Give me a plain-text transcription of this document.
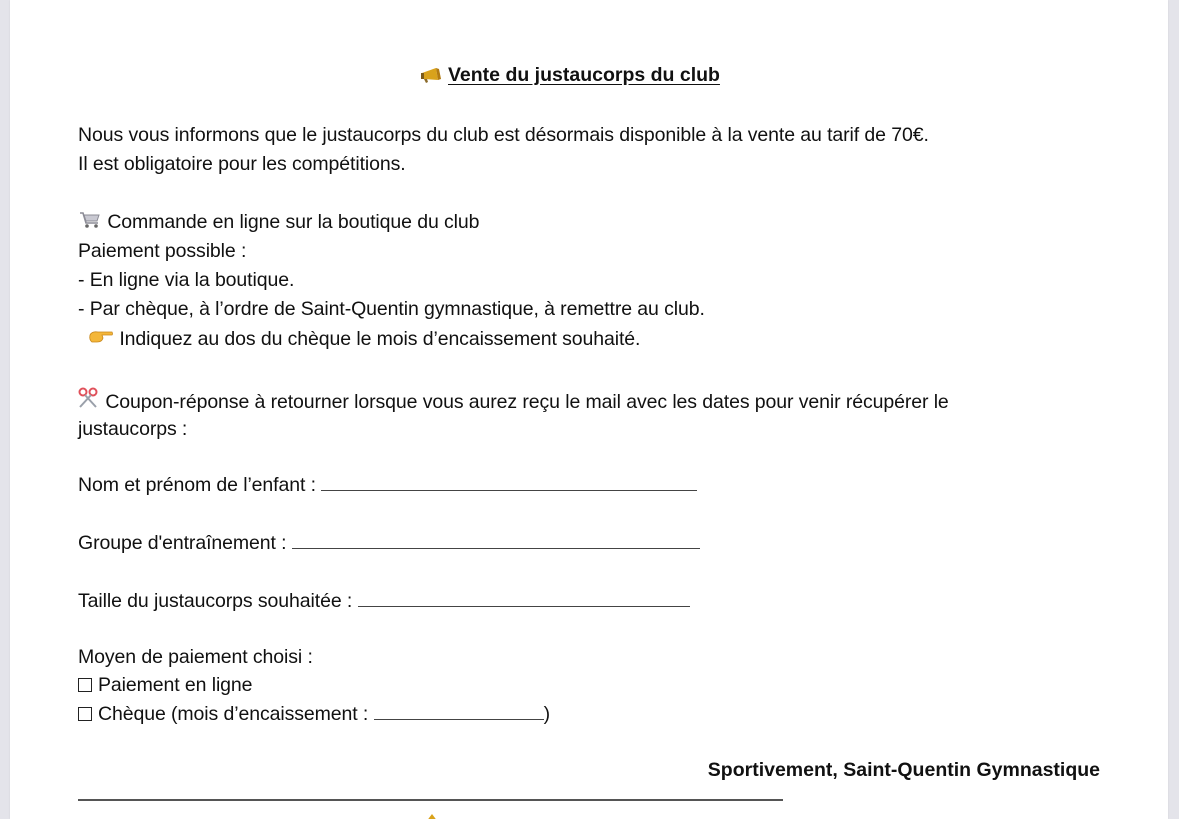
Vente du justaucorps du club
Nous vous informons que le justaucorps du club est désormais disponible à la vente au tarif de 70€.
Il est obligatoire pour les compétitions.
Commande en ligne sur la boutique du club
Paiement possible :
- En ligne via la boutique.
- Par chèque, à l’ordre de Saint-Quentin gymnastique, à remettre au club.
Indiquez au dos du chèque le mois d’encaissement souhaité.
Coupon-réponse à retourner lorsque vous aurez reçu le mail avec les dates pour venir récupérer le
justaucorps :
Nom et prénom de l’enfant :
Groupe d'entraînement :
Taille du justaucorps souhaitée :
Moyen de paiement choisi :
Paiement en ligne
Chèque (mois d’encaissement :	)
Sportivement, Saint-Quentin Gymnastique
